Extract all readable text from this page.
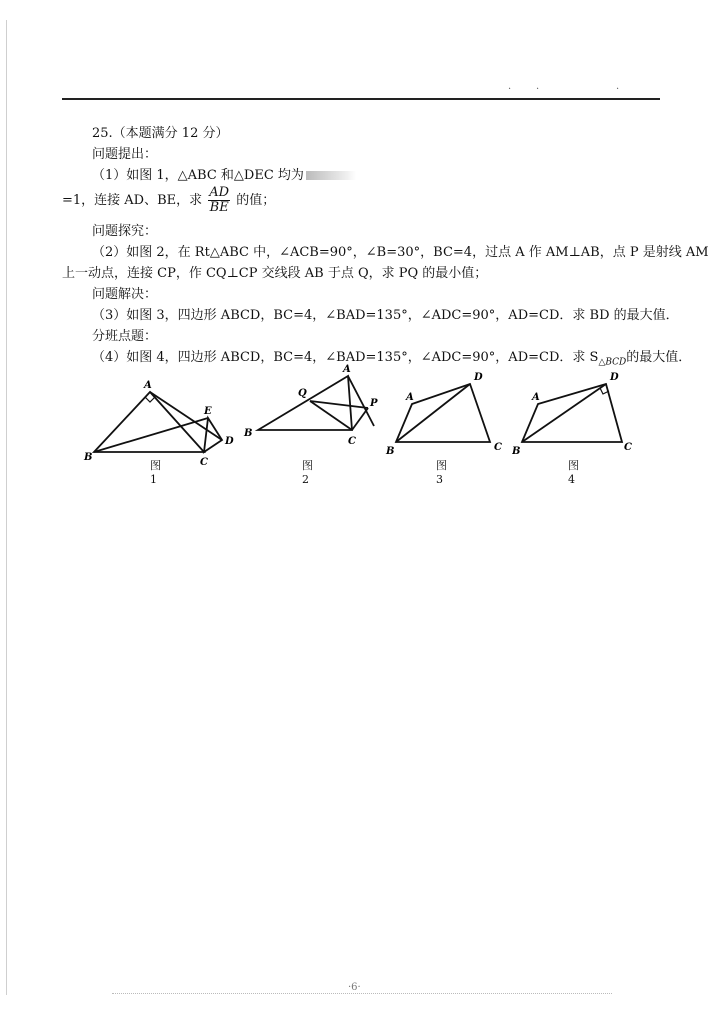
· ·	·
25.（本题满分 12 分）
问题提出：
（1）如图 1，△ABC 和△DEC 均为
=1，连接 AD、BE，求 $\frac{AD}{BE}$ 的值；
问题探究：
（2）如图 2，在 Rt△ABC 中，∠ACB=90°，∠B=30°，BC=4，过点 A 作 AM⊥AB，点 P 是射线 AM
上一动点，连接 CP，作 CQ⊥CP 交线段 AB 于点 Q，求 PQ 的最小值；
问题解决：
（3）如图 3，四边形 ABCD，BC=4，∠BAD=135°，∠ADC=90°，AD=CD．求 BD 的最大值．
分班点题：
（4）如图 4，四边形 ABCD，BC=4，∠BAD=135°，∠ADC=90°，AD=CD．求 $S_{\triangle BCD}$的最大值．
A
B	C
D
E
图 1
A
B
C
P
Q
图 2
A
B	C
D
图 3
A
B	C
D
图 4
·6·
